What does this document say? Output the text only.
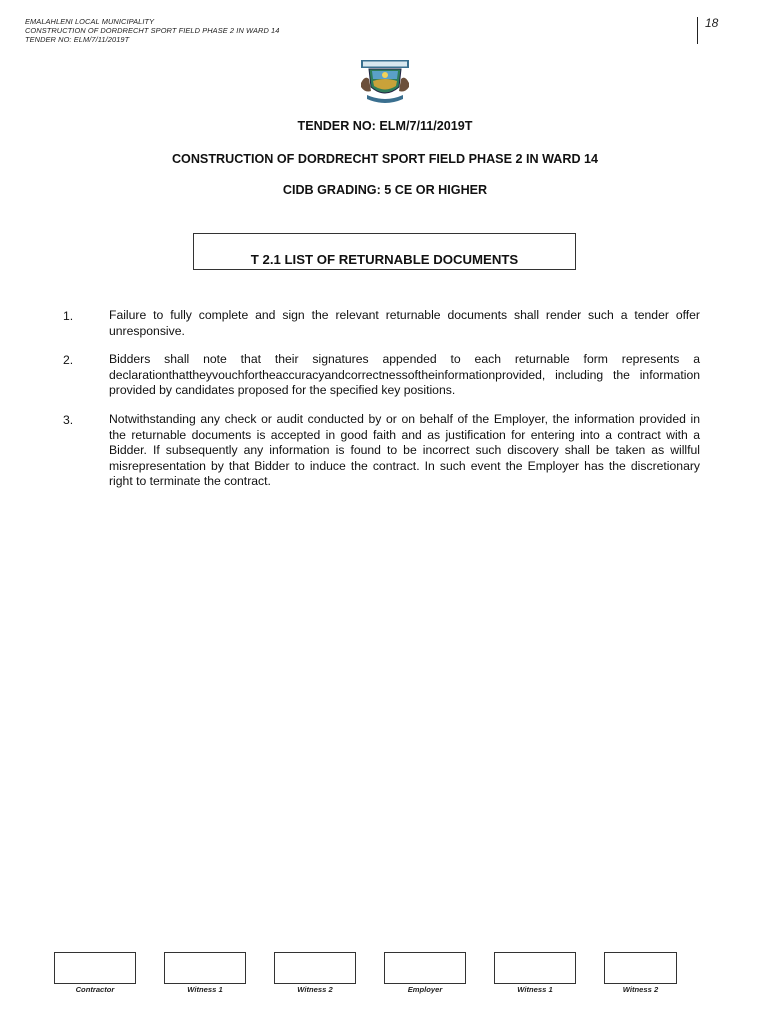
EMALAHLENI LOCAL MUNICIPALITY
CONSTRUCTION OF DORDRECHT SPORT FIELD PHASE 2 IN WARD 14
TENDER NO: ELM/7/11/2019T
18
TENDER NO: ELM/7/11/2019T
CONSTRUCTION OF DORDRECHT SPORT FIELD PHASE 2 IN WARD 14
CIDB GRADING: 5 CE OR HIGHER
T 2.1 LIST OF RETURNABLE DOCUMENTS
1.	Failure to fully complete and sign the relevant returnable documents shall render such a tender offer unresponsive.
2.	Bidders shall note that their signatures appended to each returnable form represents a declarationthattheyvouchfortheaccuracyandcorrectnessoftheinformationprovided, including the information provided by candidates proposed for the specified key positions.
3.	Notwithstanding any check or audit conducted by or on behalf of the Employer, the information provided in the returnable documents is accepted in good faith and as justification for entering into a contract with a Bidder. If subsequently any information is found to be incorrect such discovery shall be taken as willful misrepresentation by that Bidder to induce the contract. In such event the Employer has the discretionary right to terminate the contract.
Contractor	Witness 1	Witness 2	Employer	Witness 1	Witness 2
